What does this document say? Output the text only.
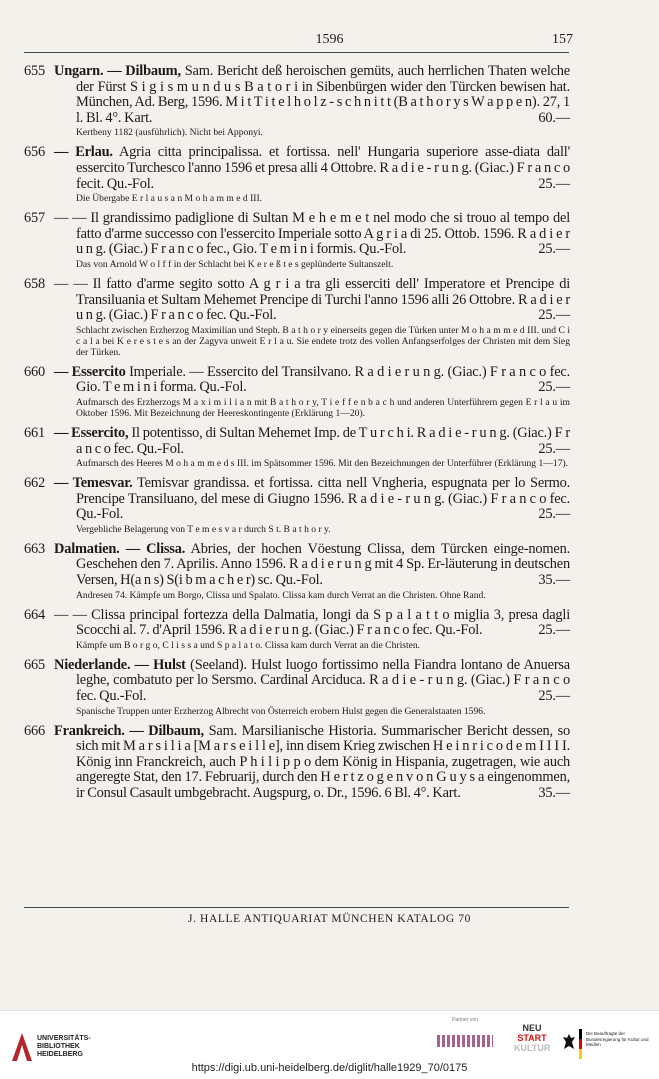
1596	157
655 Ungarn. — Dilbaum, Sam. Bericht deß heroischen gemüts, auch herrlichen Thaten welche der Fürst S i g i s m u n d u s B a t o r i in Sibenbürgen wider den Türcken bewisen hat. München, Ad. Berg, 1596. M i t T i t e l h o l z - s c h n i t t (B a t h o r y s W a p p e n). 27, 1 l. Bl. 4°. Kart.	60.—
Kertbeny 1182 (ausführlich). Nicht bei Apponyi.
656 — Erlau. Agria citta principalissa. et fortissa. nell' Hungaria superiore asse-diata dall' essercito Turchesco l'anno 1596 et presa alli 4 Ottobre. R a d i e - r u n g. (Giac.) F r a n c o fecit. Qu.-Fol.	25.—
Die Übergabe E r l a u s a n M o h a m m e d III.
657 — — Il grandissimo padiglione di Sultan M e h e m e t nel modo che si trouo al tempo del fatto d'arme successo con l'essercito Imperiale sotto A g r i a di 25. Ottob. 1596. R a d i e r u n g. (Giac.) F r a n c o fec., Gio. T e m i n i formis. Qu.-Fol.	25.—
Das von Arnold W o l f f in der Schlacht bei K e r e ß t e s geplünderte Sultanszelt.
658 — — Il fatto d'arme segito sotto A g r i a tra gli esserciti dell' Imperatore et Prencipe di Transiluania et Sultam Mehemet Prencipe di Turchi l'anno 1596 alli 26 Ottobre. R a d i e r u n g. (Giac.) F r a n c o fec. Qu.-Fol.	25.—
Schlacht zwischen Erzherzog Maximilian und Steph. B a t h o r y einerseits gegen die Türken unter M o h a m m e d III. und C i c a l a bei K e r e s t e s an der Zagyva unweit E r l a u. Sie endete trotz des vollen Anfangserfolges der Christen mit dem Sieg der Türken.
660 — Essercito Imperiale. — Essercito del Transilvano. R a d i e r u n g. (Giac.) F r a n c o fec. Gio. T e m i n i forma. Qu.-Fol.	25.—
Aufmarsch des Erzherzogs M a x i m i l i a n mit B a t h o r y, T i e f f e n b a c h und anderen Unterführern gegen E r l a u im Oktober 1596. Mit Bezeichnung der Heereskontingente (Erklärung 1—20).
661 — Essercito, Il potentisso, di Sultan Mehemet Imp. de T u r c h i. R a d i e - r u n g. (Giac.) F r a n c o fec. Qu.-Fol.	25.—
Aufmarsch des Heeres M o h a m m e d s III. im Spätsommer 1596. Mit den Bezeichnungen der Unterführer (Erklärung 1—17).
662 — Temesvar. Temisvar grandissa. et fortissa. citta nell Vngheria, espugnata per lo Sermo. Prencipe Transiluano, del mese di Giugno 1596. R a d i e - r u n g. (Giac.) F r a n c o fec. Qu.-Fol.	25.—
Vergebliche Belagerung von T e m e s v a r durch S t. B a t h o r y.
663 Dalmatien. — Clissa. Abries, der hochen Vöestung Clissa, dem Türcken einge-nomen. Geschehen den 7. Aprilis. Anno 1596. R a d i e r u n g mit 4 Sp. Er-läuterung in deutschen Versen, H(a n s) S(i b m a c h e r) sc. Qu.-Fol.	35.—
Andresen 74. Kämpfe um Borgo, Clissa und Spalato. Clissa kam durch Verrat an die Christen. Ohne Rand.
664 — — Clissa principal fortezza della Dalmatia, longi da S p a l a t t o miglia 3, presa dagli Scocchi al. 7. d'April 1596. R a d i e r u n g. (Giac.) F r a n c o fec. Qu.-Fol.	25.—
Kämpfe um B o r g o, C l i s s a und S p a l a t o. Clissa kam durch Verrat an die Christen.
665 Niederlande. — Hulst (Seeland). Hulst luogo fortissimo nella Fiandra lontano de Anuersa leghe, combatuto per lo Sersmo. Cardinal Arciduca. R a d i e - r u n g. (Giac.) F r a n c o fec. Qu.-Fol.	25.—
Spanische Truppen unter Erzherzog Albrecht von Österreich erobern Hulst gegen die Generalstaaten 1596.
666 Frankreich. — Dilbaum, Sam. Marsilianische Historia. Summarischer Bericht dessen, so sich mit M a r s i l i a [M a r s e i l l e], inn disem Krieg zwischen H e i n r i c o d e m I I I I. König inn Franckreich, auch P h i l i p p o dem König in Hispania, zugetragen, wie auch angeregte Stat, den 17. Februarij, durch den H e r t z o g e n v o n G u y s a eingenommen, ir Consul Casault umbgebracht. Augspurg, o. Dr., 1596. 6 Bl. 4°. Kart.	35.—
J. HALLE ANTIQUARIAT MÜNCHEN KATALOG 70
UNIVERSITÄTS-
BIBLIOTHEK
HEIDELBERG
Partner von
NEU
START
KULTUR
Die Beauftragte der Bundesregierung für Kultur und Medien
https://digi.ub.uni-heidelberg.de/diglit/halle1929_70/0175
